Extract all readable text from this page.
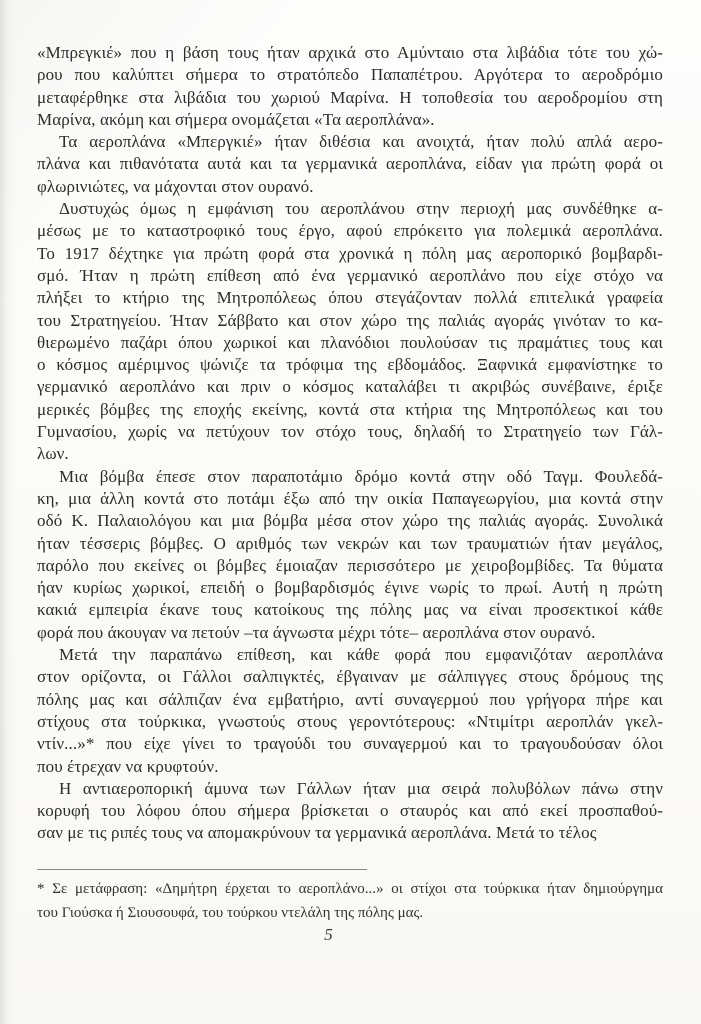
«Μπρεγκιέ» που η βάση τους ήταν αρχικά στο Αμύνταιο στα λιβάδια τότε του χώ-
ρου που καλύπτει σήμερα το στρατόπεδο Παπαπέτρου. Αργότερα το αεροδρόμιο
μεταφέρθηκε στα λιβάδια του χωριού Μαρίνα. Η τοποθεσία του αεροδρομίου στη
Μαρίνα, ακόμη και σήμερα ονομάζεται «Τα αεροπλάνα».
Τα αεροπλάνα «Μπεργκιέ» ήταν διθέσια και ανοιχτά, ήταν πολύ απλά αερο-
πλάνα και πιθανότατα αυτά και τα γερμανικά αεροπλάνα, είδαν για πρώτη φορά οι
φλωρινιώτες, να μάχονται στον ουρανό.
Δυστυχώς όμως η εμφάνιση του αεροπλάνου στην περιοχή μας συνδέθηκε α-
μέσως με το καταστροφικό τους έργο, αφού επρόκειτο για πολεμικά αεροπλάνα.
Το 1917 δέχτηκε για πρώτη φορά στα χρονικά η πόλη μας αεροπορικό βομβαρδι-
σμό. Ήταν η πρώτη επίθεση από ένα γερμανικό αεροπλάνο που είχε στόχο να
πλήξει το κτήριο της Μητροπόλεως όπου στεγάζονταν πολλά επιτελικά γραφεία
του Στρατηγείου. Ήταν Σάββατο και στον χώρο της παλιάς αγοράς γινόταν το κα-
θιερωμένο παζάρι όπου χωρικοί και πλανόδιοι πουλούσαν τις πραμάτιες τους και
ο κόσμος αμέριμνος ψώνιζε τα τρόφιμα της εβδομάδος. Ξαφνικά εμφανίστηκε το
γερμανικό αεροπλάνο και πριν ο κόσμος καταλάβει τι ακριβώς συνέβαινε, έριξε
μερικές βόμβες της εποχής εκείνης, κοντά στα κτήρια της Μητροπόλεως και του
Γυμνασίου, χωρίς να πετύχουν τον στόχο τους, δηλαδή το Στρατηγείο των Γάλ-
λων.
Μια βόμβα έπεσε στον παραποτάμιο δρόμο κοντά στην οδό Ταγμ. Φουλεδά-
κη, μια άλλη κοντά στο ποτάμι έξω από την οικία Παπαγεωργίου, μια κοντά στην
οδό Κ. Παλαιολόγου και μια βόμβα μέσα στον χώρο της παλιάς αγοράς. Συνολικά
ήταν τέσσερις βόμβες. Ο αριθμός των νεκρών και των τραυματιών ήταν μεγάλος,
παρόλο που εκείνες οι βόμβες έμοιαζαν περισσότερο με χειροβομβίδες. Τα θύματα
ήαν κυρίως χωρικοί, επειδή ο βομβαρδισμός έγινε νωρίς το πρωί. Αυτή η πρώτη
κακιά εμπειρία έκανε τους κατοίκους της πόλης μας να είναι προσεκτικοί κάθε
φορά που άκουγαν να πετούν –τα άγνωστα μέχρι τότε– αεροπλάνα στον ουρανό.
Μετά την παραπάνω επίθεση, και κάθε φορά που εμφανιζόταν αεροπλάνα
στον ορίζοντα, οι Γάλλοι σαλπιγκτές, έβγαιναν με σάλπιγγες στους δρόμους της
πόλης μας και σάλπιζαν ένα εμβατήριο, αντί συναγερμού που γρήγορα πήρε και
στίχους στα τούρκικα, γνωστούς στους γεροντότερους: «Ντιμίτρι αεροπλάν γκελ-
ντίν...»* που είχε γίνει το τραγούδι του συναγερμού και το τραγουδούσαν όλοι
που έτρεχαν να κρυφτούν.
Η αντιαεροπορική άμυνα των Γάλλων ήταν μια σειρά πολυβόλων πάνω στην
κορυφή του λόφου όπου σήμερα βρίσκεται ο σταυρός και από εκεί προσπαθού-
σαν με τις ριπές τους να απομακρύνουν τα γερμανικά αεροπλάνα. Μετά το τέλος
* Σε μετάφραση: «Δημήτρη έρχεται το αεροπλάνο...» οι στίχοι στα τούρκικα ήταν δημιούργημα
του Γιούσκα ή Σιουσουφά, του τούρκου ντελάλη της πόλης μας.
5
